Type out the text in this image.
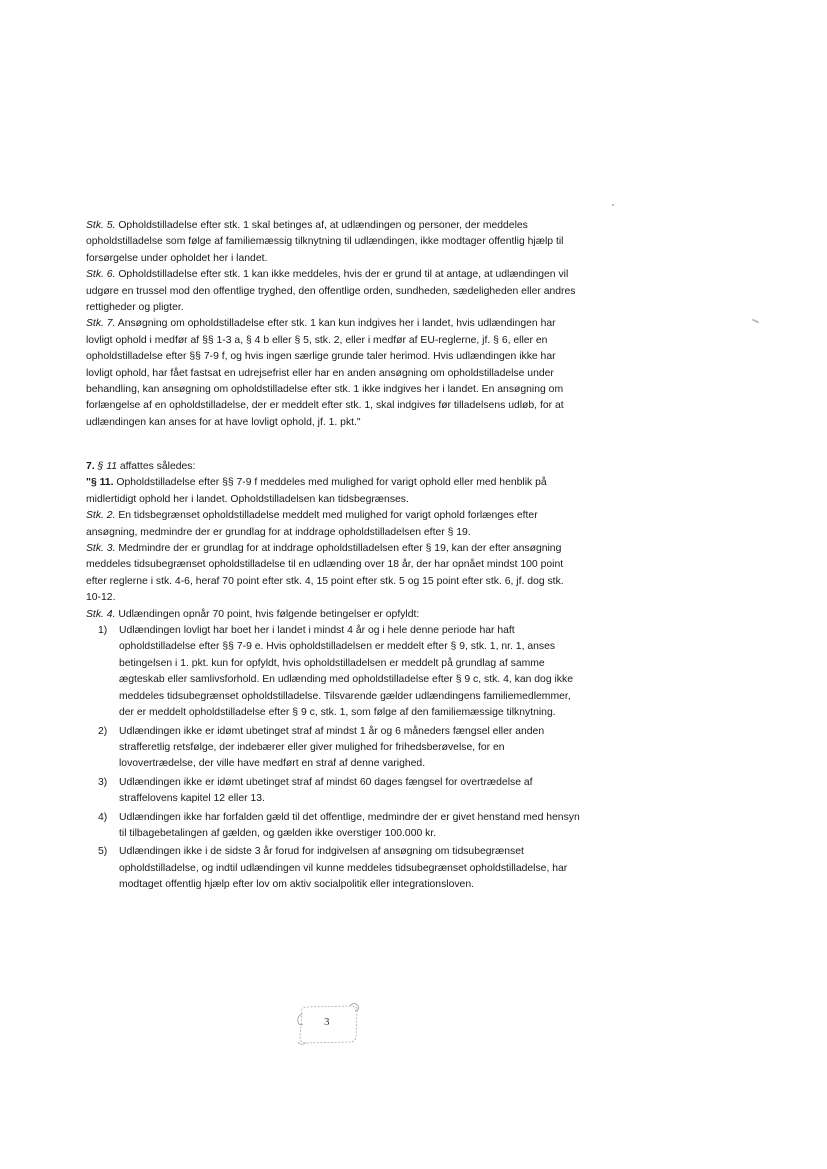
Stk. 5. Opholdstilladelse efter stk. 1 skal betinges af, at udlændingen og personer, der meddeles opholdstilladelse som følge af familiemæssig tilknytning til udlændingen, ikke modtager offentlig hjælp til forsørgelse under opholdet her i landet.

Stk. 6. Opholdstilladelse efter stk. 1 kan ikke meddeles, hvis der er grund til at antage, at udlændingen vil udgøre en trussel mod den offentlige tryghed, den offentlige orden, sundheden, sædeligheden eller andres rettigheder og pligter.

Stk. 7. Ansøgning om opholdstilladelse efter stk. 1 kan kun indgives her i landet, hvis udlændingen har lovligt ophold i medfør af §§ 1-3 a, § 4 b eller § 5, stk. 2, eller i medfør af EU-reglerne, jf. § 6, eller en opholdstilladelse efter §§ 7-9 f, og hvis ingen særlige grunde taler herimod. Hvis udlændingen ikke har lovligt ophold, har fået fastsat en udrejsefrist eller har en anden ansøgning om opholdstilladelse under behandling, kan ansøgning om opholdstilladelse efter stk. 1 ikke indgives her i landet. En ansøgning om forlængelse af en opholdstilladelse, der er meddelt efter stk. 1, skal indgives før tilladelsens udløb, for at udlændingen kan anses for at have lovligt ophold, jf. 1. pkt."

7. § 11 affattes således:

"§ 11. Opholdstilladelse efter §§ 7-9 f meddeles med mulighed for varigt ophold eller med henblik på midlertidigt ophold her i landet. Opholdstilladelsen kan tidsbegrænses.

Stk. 2. En tidsbegrænset opholdstilladelse meddelt med mulighed for varigt ophold forlænges efter ansøgning, medmindre der er grundlag for at inddrage opholdstilladelsen efter § 19.

Stk. 3. Medmindre der er grundlag for at inddrage opholdstilladelsen efter § 19, kan der efter ansøgning meddeles tidsubegrænset opholdstilladelse til en udlænding over 18 år, der har opnået mindst 100 point efter reglerne i stk. 4-6, heraf 70 point efter stk. 4, 15 point efter stk. 5 og 15 point efter stk. 6, jf. dog stk. 10-12.

Stk. 4. Udlændingen opnår 70 point, hvis følgende betingelser er opfyldt:

1) Udlændingen lovligt har boet her i landet i mindst 4 år og i hele denne periode har haft opholdstilladelse efter §§ 7-9 e. Hvis opholdstilladelsen er meddelt efter § 9, stk. 1, nr. 1, anses betingelsen i 1. pkt. kun for opfyldt, hvis opholdstilladelsen er meddelt på grundlag af samme ægteskab eller samlivsforhold. En udlænding med opholdstilladelse efter § 9 c, stk. 4, kan dog ikke meddeles tidsubegrænset opholdstilladelse. Tilsvarende gælder udlændingens familiemedlemmer, der er meddelt opholdstilladelse efter § 9 c, stk. 1, som følge af den familiemæssige tilknytning.
2) Udlændingen ikke er idømt ubetinget straf af mindst 1 år og 6 måneders fængsel eller anden strafferetlig retsfølge, der indebærer eller giver mulighed for frihedsberøvelse, for en lovovertrædelse, der ville have medført en straf af denne varighed.
3) Udlændingen ikke er idømt ubetinget straf af mindst 60 dages fængsel for overtrædelse af straffelovens kapitel 12 eller 13.
4) Udlændingen ikke har forfalden gæld til det offentlige, medmindre der er givet henstand med hensyn til tilbagebetalingen af gælden, og gælden ikke overstiger 100.000 kr.
5) Udlændingen ikke i de sidste 3 år forud for indgivelsen af ansøgning om tidsubegrænset opholdstilladelse, og indtil udlændingen vil kunne meddeles tidsubegrænset opholdstilladelse, har modtaget offentlig hjælp efter lov om aktiv socialpolitik eller integrationsloven.
3
